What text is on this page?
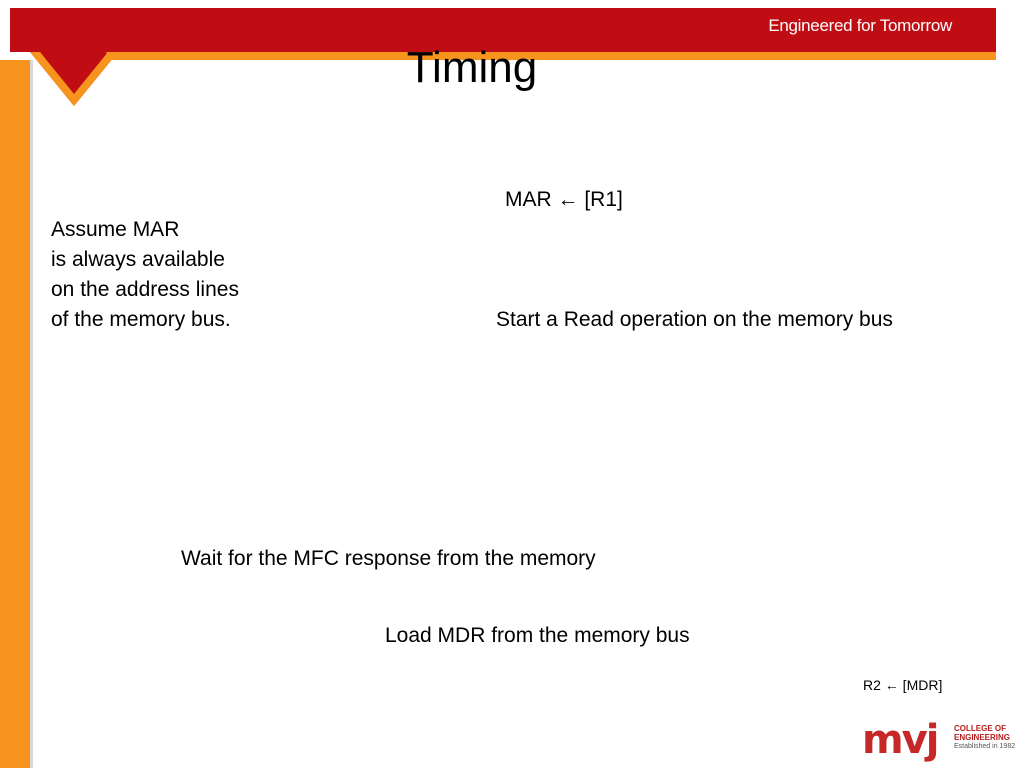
Engineered for Tomorrow
Timing
Assume MAR
is always available
on the address lines
of the memory bus.
MAR ← [R1]
Start a Read operation on the memory bus
Wait for the MFC response from the memory
Load MDR from the memory bus
R2 ← [MDR]
mvj COLLEGE OF
ENGINEERING
Established in 1982
